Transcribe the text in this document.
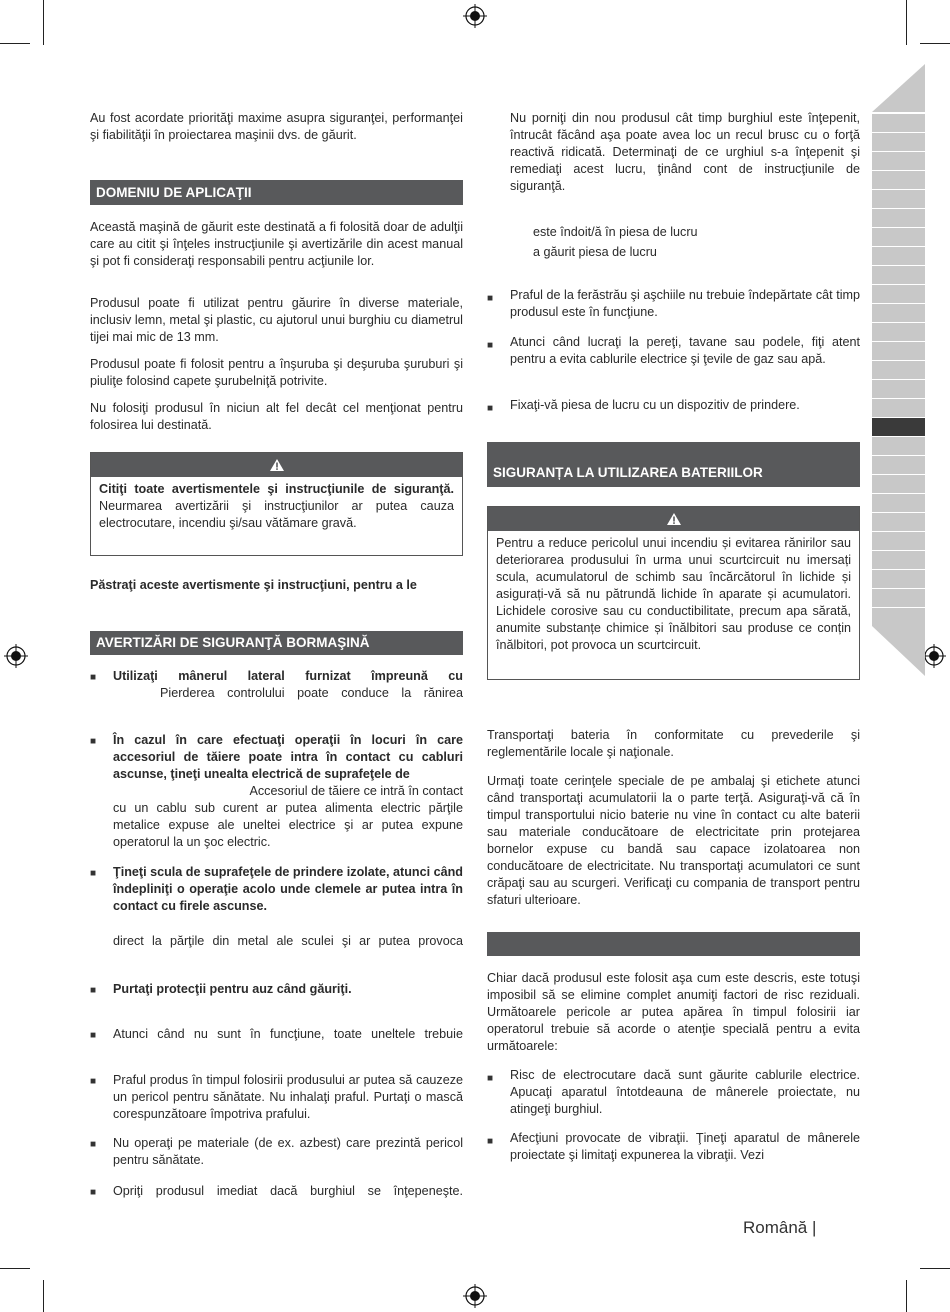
Au fost acordate priorităţi maxime asupra siguranţei, performanţei şi fiabilităţii în proiectarea maşinii dvs. de găurit.

DOMENIU DE APLICAŢII

Această maşină de găurit este destinată a fi folosită doar de adulţii care au citit şi înţeles instrucţiunile şi avertizările din acest manual şi pot fi consideraţi responsabili pentru acţiunile lor.

Produsul poate fi utilizat pentru găurire în diverse materiale, inclusiv lemn, metal şi plastic, cu ajutorul unui burghiu cu diametrul tijei mai mic de 13 mm.

Produsul poate fi folosit pentru a înşuruba şi deşuruba şuruburi şi piuliţe folosind capete şurubelniţă potrivite.

Nu folosiţi produsul în niciun alt fel decât cel menţionat pentru folosirea lui destinată.

Citiţi toate avertismentele şi instrucţiunile de siguranţă. Neurmarea avertizării şi instrucţiunilor ar putea cauza electrocutare, incendiu şi/sau vătămare gravă.
Păstraţi aceste avertismente şi instrucţiuni, pentru a le
AVERTIZĂRI DE SIGURANŢĂ BORMAŞINĂ
■ Utilizaţi mânerul lateral furnizat împreună cu
Pierderea controlului poate conduce la rănirea
■ În cazul în care efectuaţi operaţii în locuri în care accesoriul de tăiere poate intra în contact cu cabluri ascunse, ţineţi unealta electrică de suprafeţele de

Accesoriul de tăiere ce intră în contact

cu un cablu sub curent ar putea alimenta electric părţile metalice expuse ale uneltei electrice şi ar putea expune operatorul la un şoc electric.

■ Ţineţi scula de suprafeţele de prindere izolate, atunci când îndepliniţi o operaţie acolo unde clemele ar putea intra în contact cu firele ascunse.

direct la părţile din metal ale sculei şi ar putea provoca
■ Purtaţi protecţii pentru auz când găuriţi.
■ Atunci când nu sunt în funcţiune, toate uneltele trebuie
■ Praful produs în timpul folosirii produsului ar putea să cauzeze un pericol pentru sănătate. Nu inhalaţi praful. Purtaţi o mască corespunzătoare împotriva prafului.

■ Nu operaţi pe materiale (de ex. azbest) care prezintă pericol pentru sănătate.

■ Opriţi produsul imediat dacă burghiul se înţepeneşte.

Nu porniţi din nou produsul cât timp burghiul este înţepenit, întrucât făcând aşa poate avea loc un recul brusc cu o forţă reactivă ridicată. Determinaţi de ce urghiul s-a înţepenit şi remediaţi acest lucru, ţinând cont de instrucţiunile de siguranţă.

este îndoit/ă în piesa de lucru
a găurit piesa de lucru
■ Praful de la ferăstrău şi aşchiile nu trebuie îndepărtate cât timp produsul este în funcţiune.

■ Atunci când lucraţi la pereţi, tavane sau podele, fiţi atent pentru a evita cablurile electrice şi ţevile de gaz sau apă.

■ Fixaţi-vă piesa de lucru cu un dispozitiv de prindere.

SIGURANȚA LA UTILIZAREA BATERIILOR
Pentru a reduce pericolul unui incendiu și evitarea rănirilor sau deteriorarea produsului în urma unui scurtcircuit nu imersați scula, acumulatorul de schimb sau încărcătorul în lichide și asigurați-vă să nu pătrundă lichide în aparate și acumulatori. Lichidele corosive sau cu conductibilitate, precum apa sărată, anumite substanțe chimice și înălbitori sau produse ce conțin înălbitori, pot provoca un scurtcircuit.

Transportaţi bateria în conformitate cu prevederile şi reglementările locale şi naţionale.

Urmaţi toate cerinţele speciale de pe ambalaj şi etichete atunci când transportaţi acumulatorii la o parte terţă. Asiguraţi-vă că în timpul transportului nicio baterie nu vine în contact cu alte baterii sau materiale conducătoare de electricitate prin protejarea bornelor expuse cu bandă sau capace izolatoarea non conducătoare de electricitate. Nu transportaţi acumulatori ce sunt crăpaţi sau au scurgeri. Verificaţi cu compania de transport pentru sfaturi ulterioare.

Chiar dacă produsul este folosit aşa cum este descris, este totuşi imposibil să se elimine complet anumiţi factori de risc reziduali. Următoarele pericole ar putea apărea în timpul folosirii iar operatorul trebuie să acorde o atenţie specială pentru a evita următoarele:

■ Risc de electrocutare dacă sunt găurite cablurile electrice. Apucaţi aparatul întotdeauna de mânerele proiectate, nu atingeţi burghiul.

■ Afecţiuni provocate de vibraţii. Ţineţi aparatul de mânerele proiectate şi limitaţi expunerea la vibraţii. Vezi

Română |
